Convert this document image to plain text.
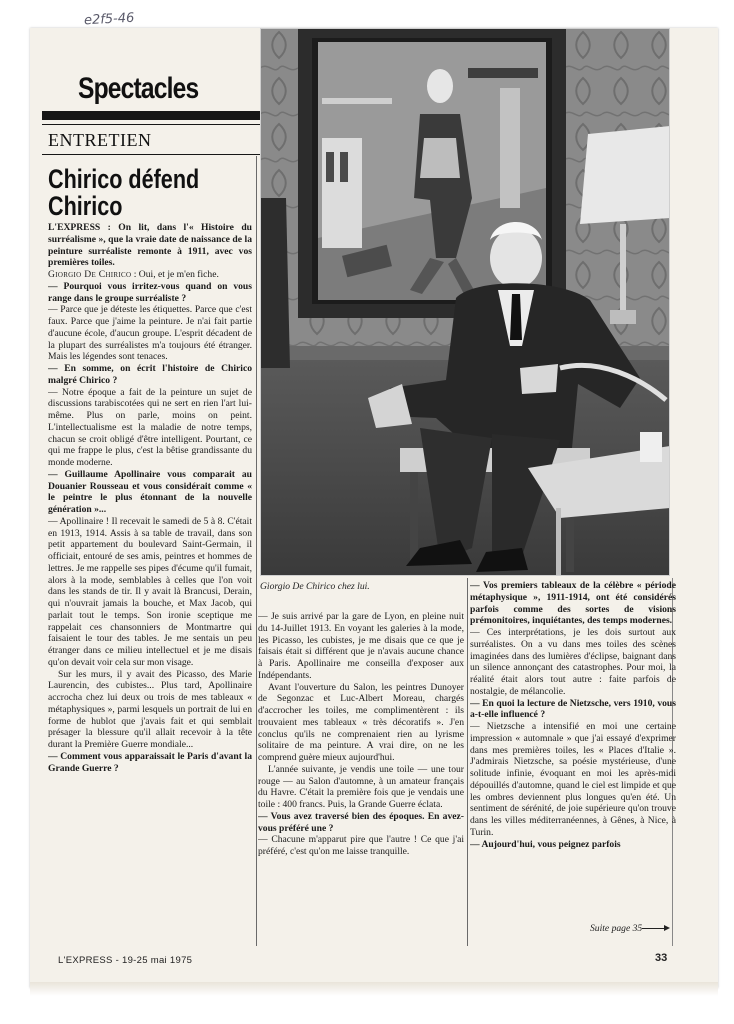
e2f5-46
Spectacles
ENTRETIEN
Chirico défend Chirico
Giorgio De Chirico chez lui.

L'EXPRESS : On lit, dans l'« Histoire du surréalisme », que la vraie date de naissance de la peinture surréaliste remonte à 1911, avec vos premières toiles.

Giorgio De Chirico : Oui, et je m'en fiche.

— Pourquoi vous irritez-vous quand on vous range dans le groupe surréaliste ?

— Parce que je déteste les étiquettes. Parce que c'est faux. Parce que j'aime la peinture. Je n'ai fait partie d'aucune école, d'aucun groupe. L'esprit décadent de la plupart des surréalistes m'a toujours été étranger. Mais les légendes sont tenaces.

— En somme, on écrit l'histoire de Chirico malgré Chirico ?

— Notre époque a fait de la peinture un sujet de discussions tarabiscotées qui ne sert en rien l'art lui-même. Plus on parle, moins on peint. L'intellectualisme est la maladie de notre temps, chacun se croit obligé d'être intelligent. Pourtant, ce qui me frappe le plus, c'est la bêtise grandissante du monde moderne.

— Guillaume Apollinaire vous comparait au Douanier Rousseau et vous considérait comme « le peintre le plus étonnant de la nouvelle génération »...

— Apollinaire ! Il recevait le samedi de 5 à 8. C'était en 1913, 1914. Assis à sa table de travail, dans son petit appartement du boulevard Saint-Germain, il officiait, entouré de ses amis, peintres et hommes de lettres. Je me rappelle ses pipes d'écume qu'il fumait, alors à la mode, semblables à celles que l'on voit dans les stands de tir. Il y avait là Brancusi, Derain, qui n'ouvrait jamais la bouche, et Max Jacob, qui parlait tout le temps. Son ironie sceptique me rappelait ces chansonniers de Montmartre qui faisaient le tour des tables. Je me sentais un peu étranger dans ce milieu intellectuel et je me disais qu'on devait voir cela sur mon visage.

Sur les murs, il y avait des Picasso, des Marie Laurencin, des cubistes... Plus tard, Apollinaire accrocha chez lui deux ou trois de mes tableaux « métaphysiques », parmi lesquels un portrait de lui en forme de hublot que j'avais fait et qui semblait présager la blessure qu'il allait recevoir à la tête durant la Première Guerre mondiale...

— Comment vous apparaissait le Paris d'avant la Grande Guerre ?

— Je suis arrivé par la gare de Lyon, en pleine nuit du 14-Juillet 1913. En voyant les galeries à la mode, les Picasso, les cubistes, je me disais que ce que je faisais était si différent que je n'avais aucune chance à Paris. Apollinaire me conseilla d'exposer aux Indépendants.

Avant l'ouverture du Salon, les peintres Dunoyer de Segonzac et Luc-Albert Moreau, chargés d'accrocher les toiles, me complimentèrent : ils trouvaient mes tableaux « très décoratifs ». J'en conclus qu'ils ne comprenaient rien au lyrisme solitaire de ma peinture. A vrai dire, on ne les comprend guère mieux aujourd'hui.

L'année suivante, je vendis une toile — une tour rouge — au Salon d'automne, à un amateur français du Havre. C'était la première fois que je vendais une toile : 400 francs. Puis, la Grande Guerre éclata.

— Vous avez traversé bien des époques. En avez-vous préféré une ?

— Chacune m'apparut pire que l'autre ! Ce que j'ai préféré, c'est qu'on me laisse tranquille.

— Vos premiers tableaux de la célèbre « période métaphysique », 1911-1914, ont été considérés parfois comme des sortes de visions prémonitoires, inquiétantes, des temps modernes.

— Ces interprétations, je les dois surtout aux surréalistes. On a vu dans mes toiles des scènes imaginées dans des lumières d'éclipse, baignant dans un silence annonçant des catastrophes. Pour moi, la réalité était alors tout autre : faite parfois de nostalgie, de mélancolie.

— En quoi la lecture de Nietzsche, vers 1910, vous a-t-elle influencé ?

— Nietzsche a intensifié en moi une certaine impression « automnale » que j'ai essayé d'exprimer dans mes premières toiles, les « Places d'Italie ». J'admirais Nietzsche, sa poésie mystérieuse, d'une solitude infinie, évoquant en moi les après-midi dépouillés d'automne, quand le ciel est limpide et que les ombres deviennent plus longues qu'en été. Un sentiment de sérénité, de joie supérieure qu'on trouve dans les villes méditerranéennes, à Gênes, à Nice, à Turin.

— Aujourd'hui, vous peignez parfois

Suite page 35
L'EXPRESS - 19-25 mai 1975	33
